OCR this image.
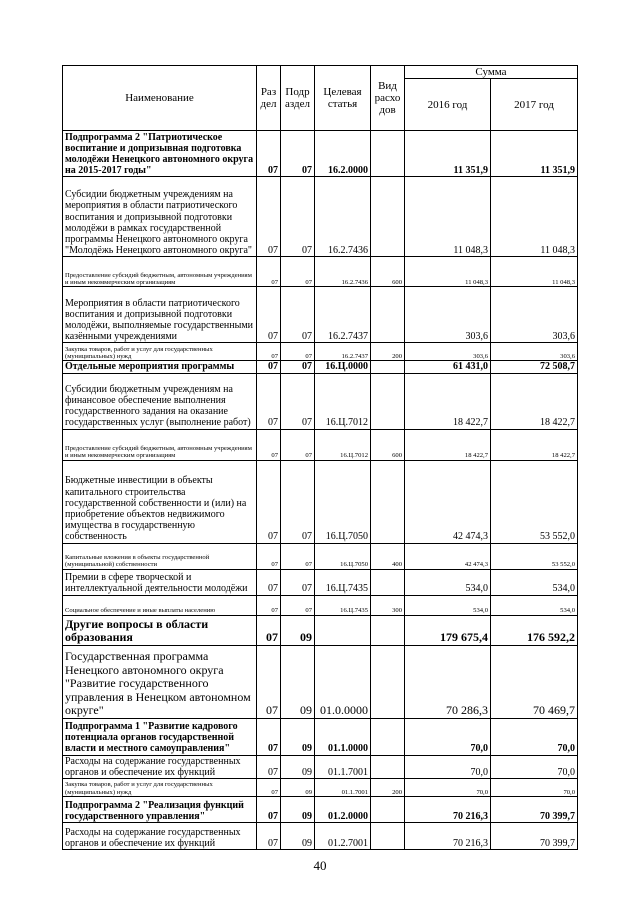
Наименование	Раз дел	Подр аздел	Целевая статья	Вид расхо дов	Сумма	
					2016 год	2017 год
Подпрограмма 2 "Патриотическое воспитание и допризывная подготовка молодёжи Ненецкого автономного округа на 2015-2017 годы"	07	07	16.2.0000		11 351,9	11 351,9
Субсидии бюджетным учреждениям на мероприятия в области патриотического воспитания и допризывной подготовки молодёжи в рамках государственной программы Ненецкого автономного округа "Молодёжь Ненецкого автономного округа"	07	07	16.2.7436		11 048,3	11 048,3
Предоставление субсидий бюджетным, автономным учреждениям и иным некоммерческим организациям	07	07	16.2.7436	600	11 048,3	11 048,3
Мероприятия в области патриотического воспитания и допризывной подготовки молодёжи, выполняемые государственными казёнными учреждениями	07	07	16.2.7437		303,6	303,6
Закупка товаров, работ и услуг для государственных (муниципальных) нужд	07	07	16.2.7437	200	303,6	303,6
Отдельные мероприятия программы	07	07	16.Ц.0000		61 431,0	72 508,7
Субсидии бюджетным учреждениям на финансовое обеспечение выполнения государственного задания на оказание государственных услуг (выполнение работ)	07	07	16.Ц.7012		18 422,7	18 422,7
Предоставление субсидий бюджетным, автономным учреждениям и иным некоммерческим организациям	07	07	16.Ц.7012	600	18 422,7	18 422,7
Бюджетные инвестиции в объекты капитального строительства государственной собственности и (или) на приобретение объектов недвижимого имущества в государственную собственность	07	07	16.Ц.7050		42 474,3	53 552,0
Капитальные вложения в объекты государственной (муниципальной) собственности	07	07	16.Ц.7050	400	42 474,3	53 552,0
Премии в сфере творческой и интеллектуальной деятельности молодёжи	07	07	16.Ц.7435		534,0	534,0
Социальное обеспечение и иные выплаты населению	07	07	16.Ц.7435	300	534,0	534,0
Другие вопросы в области образования	07	09			179 675,4	176 592,2
Государственная программа Ненецкого автономного округа "Развитие государственного управления в Ненецком автономном округе"	07	09	01.0.0000		70 286,3	70 469,7
Подпрограмма 1 "Развитие кадрового потенциала органов государственной власти и местного самоуправления"	07	09	01.1.0000		70,0	70,0
Расходы на содержание государственных органов и обеспечение их функций	07	09	01.1.7001		70,0	70,0
Закупка товаров, работ и услуг для государственных (муниципальных) нужд	07	09	01.1.7001	200	70,0	70,0
Подпрограмма 2 "Реализация функций государственного управления"	07	09	01.2.0000		70 216,3	70 399,7
Расходы на содержание государственных органов и обеспечение их функций	07	09	01.2.7001		70 216,3	70 399,7
40
